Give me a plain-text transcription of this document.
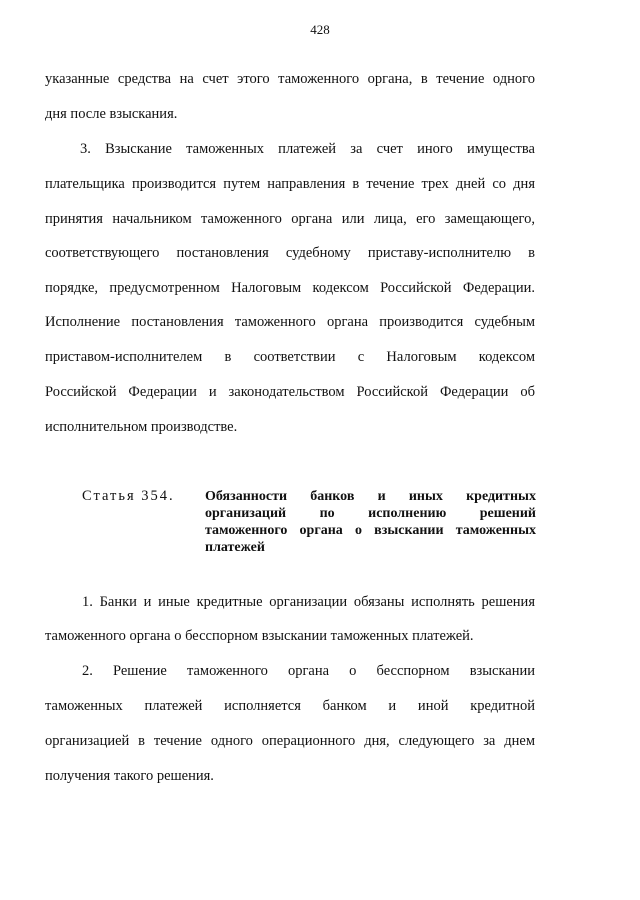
428
указанные средства на счет этого таможенного органа, в течение одного
дня после взыскания.
3. Взыскание таможенных платежей за счет иного имущества
плательщика производится путем направления в течение трех дней со дня
принятия начальником таможенного органа или лица, его замещающего,
соответствующего постановления судебному приставу-исполнителю в
порядке, предусмотренном Налоговым кодексом Российской Федерации.
Исполнение постановления таможенного органа производится судебным
приставом-исполнителем в соответствии с Налоговым кодексом
Российской Федерации и законодательством Российской Федерации об
исполнительном производстве.
Статья 354. Обязанности банков и иных кредитных
организаций по исполнению решений
таможенного органа о взыскании таможенных
платежей
1. Банки и иные кредитные организации обязаны исполнять решения
таможенного органа о бесспорном взыскании таможенных платежей.
2. Решение таможенного органа о бесспорном взыскании
таможенных платежей исполняется банком и иной кредитной
организацией в течение одного операционного дня, следующего за днем
получения такого решения.
